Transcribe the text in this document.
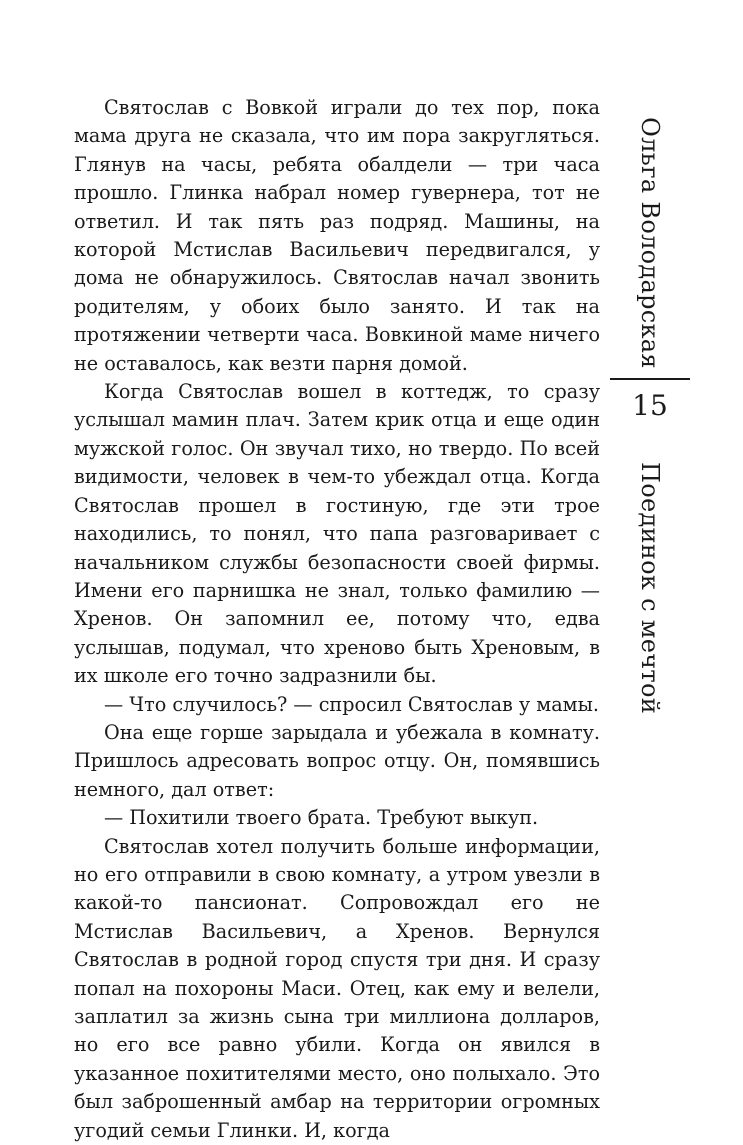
Святослав с Вовкой играли до тех пор, пока мама друга не сказала, что им пора закругляться. Глянув на часы, ребята обалдели — три часа прошло. Глинка набрал номер гувернера, тот не ответил. И так пять раз подряд. Машины, на которой Мстислав Васильевич передвигался, у дома не обнаружилось. Святослав начал звонить родителям, у обоих было занято. И так на протяжении четверти часа. Вовкиной маме ничего не оставалось, как везти парня домой.

Когда Святослав вошел в коттедж, то сразу услышал мамин плач. Затем крик отца и еще один мужской голос. Он звучал тихо, но твердо. По всей видимости, человек в чем-то убеждал отца. Когда Святослав прошел в гостиную, где эти трое находились, то понял, что папа разговаривает с начальником службы безопасности своей фирмы. Имени его парнишка не знал, только фамилию — Хренов. Он запомнил ее, потому что, едва услышав, подумал, что хреново быть Хреновым, в их школе его точно задразнили бы.

— Что случилось? — спросил Святослав у мамы.

Она еще горше зарыдала и убежала в комнату. Пришлось адресовать вопрос отцу. Он, помявшись немного, дал ответ:

— Похитили твоего брата. Требуют выкуп.

Святослав хотел получить больше информации, но его отправили в свою комнату, а утром увезли в какой-то пансионат. Сопровождал его не Мстислав Васильевич, а Хренов. Вернулся Святослав в родной город спустя три дня. И сразу попал на похороны Маси. Отец, как ему и велели, заплатил за жизнь сына три миллиона долларов, но его все равно убили. Когда он явился в указанное похитителями место, оно полыхало. Это был заброшенный амбар на территории огромных угодий семьи Глинки. И, когда

Ольга Володарская
15
Поединок с мечтой
